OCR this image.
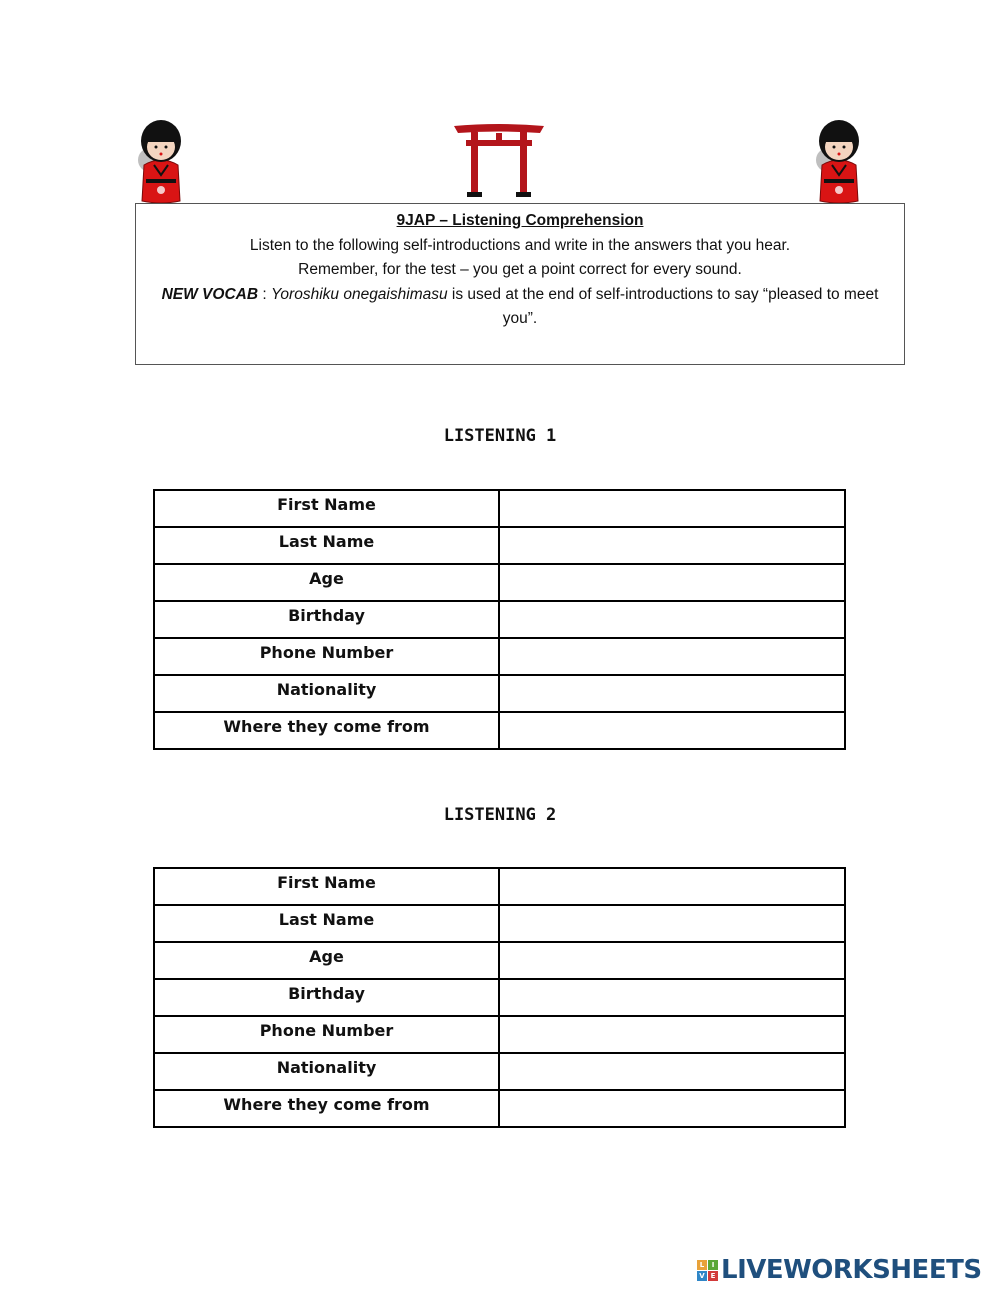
9JAP – Listening Comprehension
Listen to the following self-introductions and write in the answers that you hear.
Remember, for the test – you get a point correct for every sound.
NEW VOCAB : Yoroshiku onegaishimasu is used at the end of self-introductions to say “pleased to meet you”.
LISTENING 1
First Name	
Last Name	
Age	
Birthday	
Phone Number	
Nationality	
Where they come from	
LISTENING 2
First Name	
Last Name	
Age	
Birthday	
Phone Number	
Nationality	
Where they come from	
L	I
V E LIVEWORKSHEETS
